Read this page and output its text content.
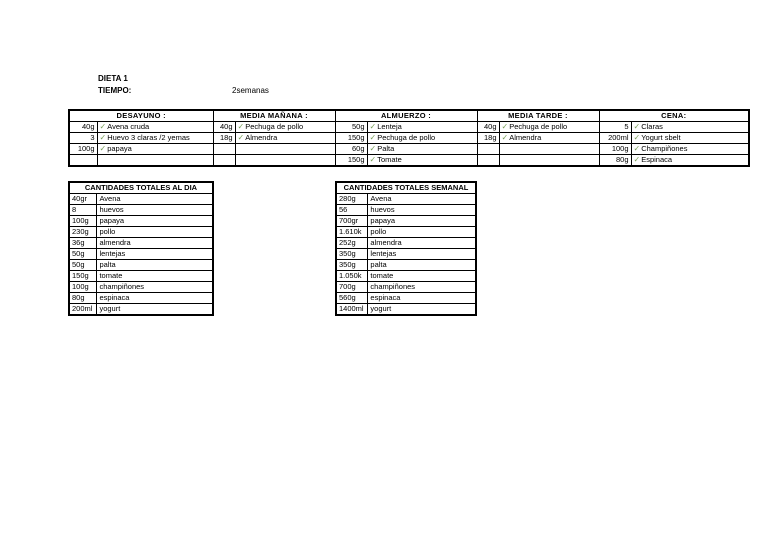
DIETA 1
TIEMPO:	2semanas
DESAYUNO :		MEDIA MAÑANA :		ALMUERZO :		MEDIA TARDE :		CENA:	
40g	✓Avena cruda	40g	✓Pechuga de pollo	50g	✓Lenteja	40g	✓Pechuga de pollo	5	✓Claras
3	✓Huevo 3 claras /2 yemas	18g	✓Almendra	150g	✓Pechuga de pollo	18g	✓Almendra	200ml	✓Yogurt sbelt
100g	✓papaya			60g	✓Palta			100g	✓Champiñones
				150g	✓Tomate			80g	✓Espinaca
CANTIDADES TOTALES AL DIA	
40gr	Avena
8	huevos
100g	papaya
230g	pollo
36g	almendra
50g	lentejas
50g	palta
150g	tomate
100g	champiñones
80g	espinaca
200ml	yogurt
CANTIDADES TOTALES SEMANAL	
280g	Avena
56	huevos
700gr	papaya
1.610k	pollo
252g	almendra
350g	lentejas
350g	palta
1.050k	tomate
700g	champiñones
560g	espinaca
1400ml	yogurt
